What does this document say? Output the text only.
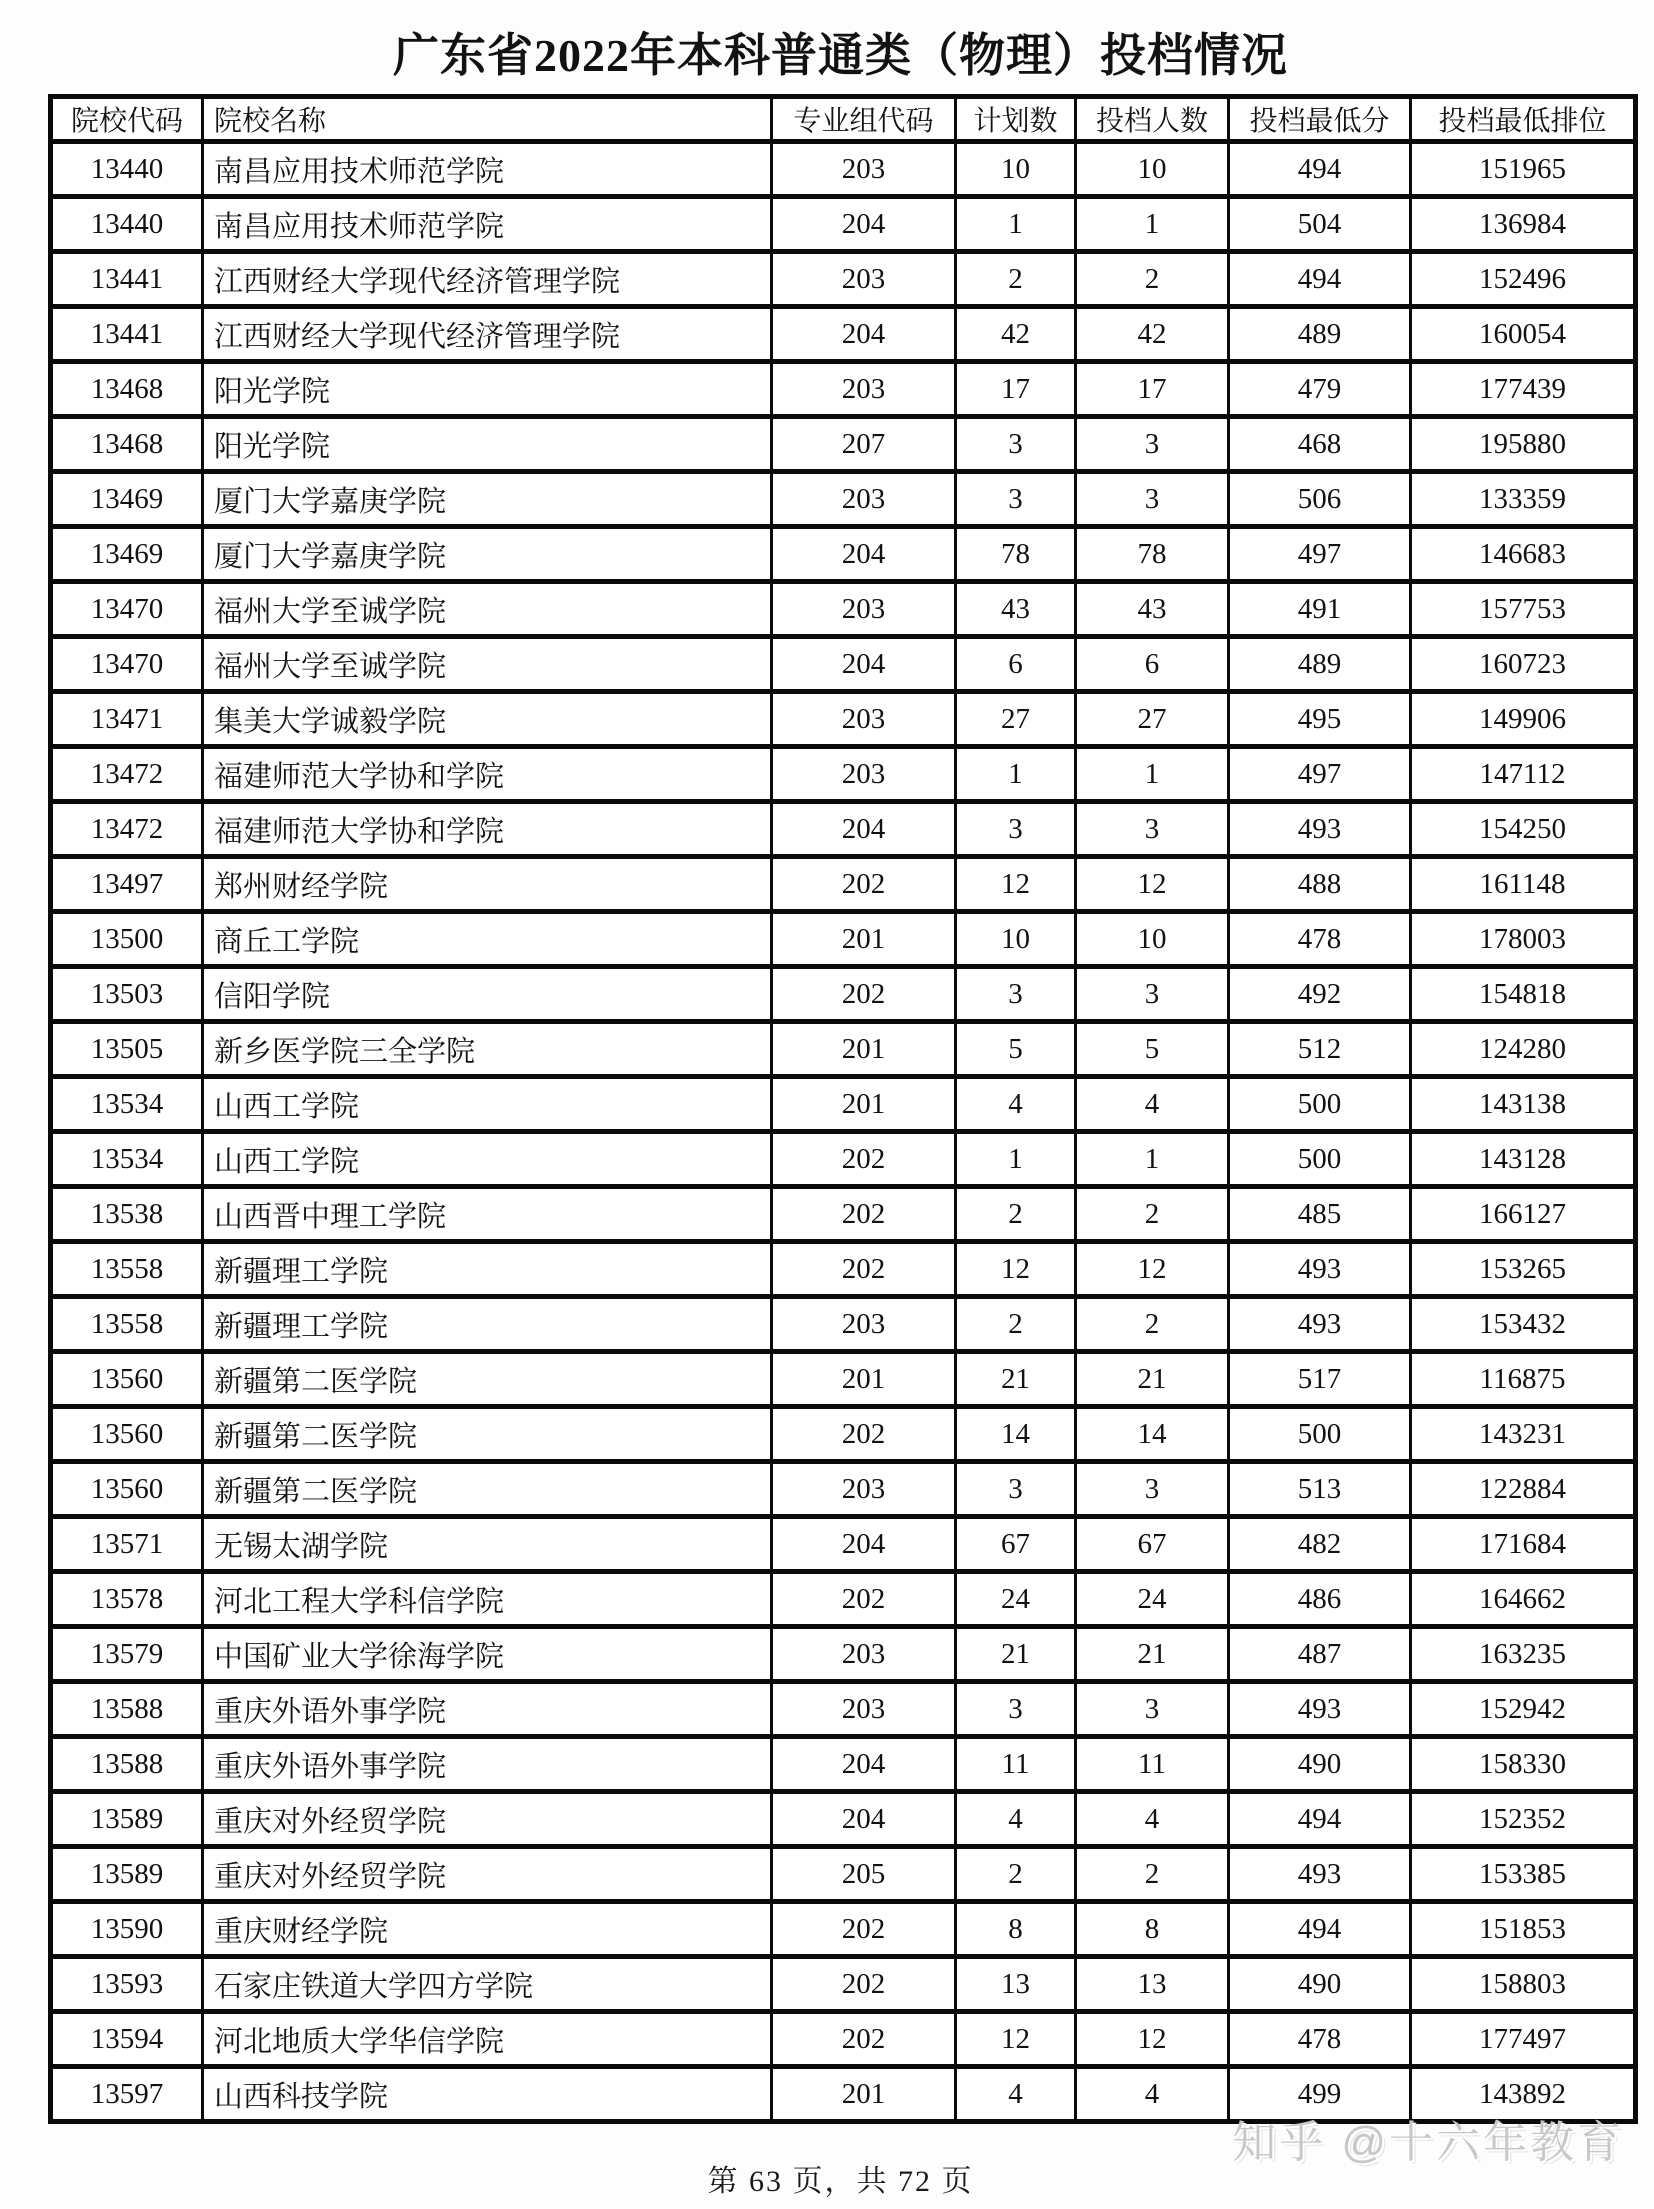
广东省2022年本科普通类（物理）投档情况
院校代码	院校名称	专业组代码	计划数	投档人数	投档最低分	投档最低排位
13440	南昌应用技术师范学院	203	10	10	494	151965
13440	南昌应用技术师范学院	204	1	1	504	136984
13441	江西财经大学现代经济管理学院	203	2	2	494	152496
13441	江西财经大学现代经济管理学院	204	42	42	489	160054
13468	阳光学院	203	17	17	479	177439
13468	阳光学院	207	3	3	468	195880
13469	厦门大学嘉庚学院	203	3	3	506	133359
13469	厦门大学嘉庚学院	204	78	78	497	146683
13470	福州大学至诚学院	203	43	43	491	157753
13470	福州大学至诚学院	204	6	6	489	160723
13471	集美大学诚毅学院	203	27	27	495	149906
13472	福建师范大学协和学院	203	1	1	497	147112
13472	福建师范大学协和学院	204	3	3	493	154250
13497	郑州财经学院	202	12	12	488	161148
13500	商丘工学院	201	10	10	478	178003
13503	信阳学院	202	3	3	492	154818
13505	新乡医学院三全学院	201	5	5	512	124280
13534	山西工学院	201	4	4	500	143138
13534	山西工学院	202	1	1	500	143128
13538	山西晋中理工学院	202	2	2	485	166127
13558	新疆理工学院	202	12	12	493	153265
13558	新疆理工学院	203	2	2	493	153432
13560	新疆第二医学院	201	21	21	517	116875
13560	新疆第二医学院	202	14	14	500	143231
13560	新疆第二医学院	203	3	3	513	122884
13571	无锡太湖学院	204	67	67	482	171684
13578	河北工程大学科信学院	202	24	24	486	164662
13579	中国矿业大学徐海学院	203	21	21	487	163235
13588	重庆外语外事学院	203	3	3	493	152942
13588	重庆外语外事学院	204	11	11	490	158330
13589	重庆对外经贸学院	204	4	4	494	152352
13589	重庆对外经贸学院	205	2	2	493	153385
13590	重庆财经学院	202	8	8	494	151853
13593	石家庄铁道大学四方学院	202	13	13	490	158803
13594	河北地质大学华信学院	202	12	12	478	177497
13597	山西科技学院	201	4	4	499	143892
第 63 页，共 72 页
知乎 @十六年教育
